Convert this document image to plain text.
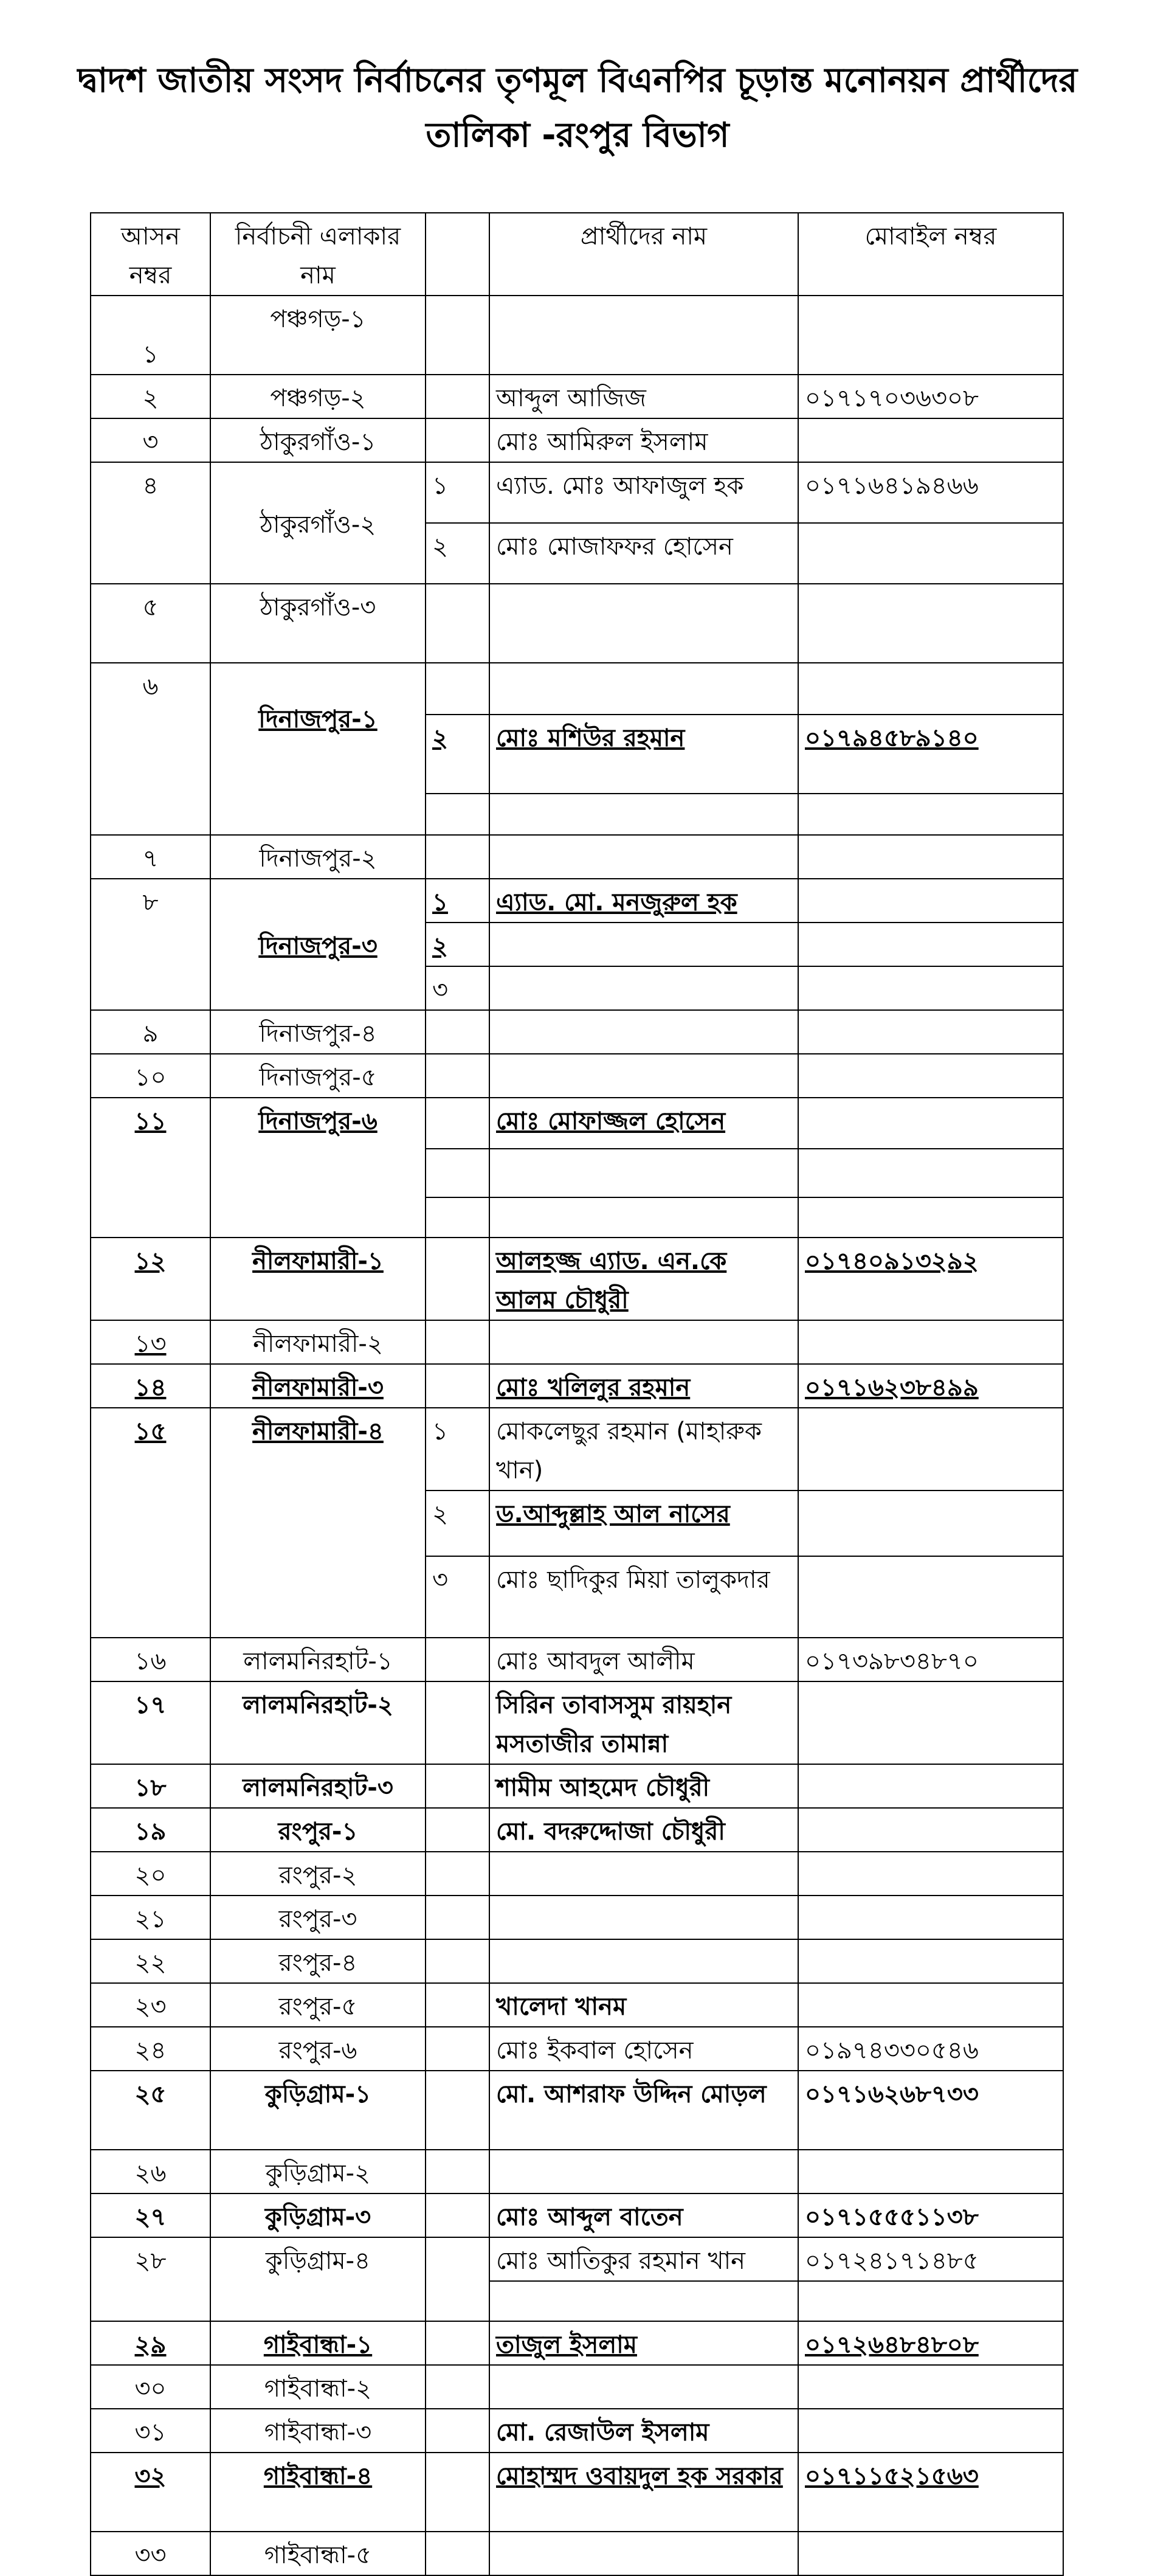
দ্বাদশ জাতীয় সংসদ নির্বাচনের তৃণমূল বিএনপির চূড়ান্ত মনোনয়ন প্রার্থীদের
তালিকা -রংপুর বিভাগ
আসন নম্বর	নির্বাচনী এলাকার নাম		প্রার্থীদের নাম	মোবাইল নম্বর
১	পঞ্চগড়-১			
২	পঞ্চগড়-২		আব্দুল আজিজ	০১৭১৭০৩৬৩০৮
৩	ঠাকুরগাঁও-১		মোঃ আমিরুল ইসলাম	
৪	ঠাকুরগাঁও-২	১	এ্যাড. মোঃ আফাজুল হক	০১৭১৬৪১৯৪৬৬
		২	মোঃ মোজাফফর হোসেন	
৫	ঠাকুরগাঁও-৩			
৬	দিনাজপুর-১			
		২	মোঃ মশিউর রহমান	০১৭৯৪৫৮৯১৪০

৭	দিনাজপুর-২			
৮	দিনাজপুর-৩	১	এ্যাড. মো. মনজুরুল হক	
		২		
		৩		
৯	দিনাজপুর-৪			
১০	দিনাজপুর-৫			
১১	দিনাজপুর-৬		মোঃ মোফাজ্জল হোসেন	

১২	নীলফামারী-১		আলহজ্জ এ্যাড. এন.কে আলম চৌধুরী	০১৭৪০৯১৩২৯২
১৩	নীলফামারী-২			
১৪	নীলফামারী-৩		মোঃ খলিলুর রহমান	০১৭১৬২৩৮৪৯৯
১৫	নীলফামারী-৪	১	মোকলেছুর রহমান (মাহারুক খান)	
		২	ড.আব্দুল্লাহ আল নাসের	
		৩	মোঃ ছাদিকুর মিয়া তালুকদার	
১৬	লালমনিরহাট-১		মোঃ আবদুল আলীম	০১৭৩৯৮৩৪৮৭০
১৭	লালমনিরহাট-২		সিরিন তাবাসসুম রায়হান মসতাজীর তামান্না	
১৮	লালমনিরহাট-৩		শামীম আহমেদ চৌধুরী	
১৯	রংপুর-১		মো. বদরুদ্দোজা চৌধুরী	
২০	রংপুর-২			
২১	রংপুর-৩			
২২	রংপুর-৪			
২৩	রংপুর-৫		খালেদা খানম	
২৪	রংপুর-৬		মোঃ ইকবাল হোসেন	০১৯৭৪৩৩০৫৪৬
২৫	কুড়িগ্রাম-১		মো. আশরাফ উদ্দিন মোড়ল	০১৭১৬২৬৮৭৩৩
২৬	কুড়িগ্রাম-২			
২৭	কুড়িগ্রাম-৩		মোঃ আব্দুল বাতেন	০১৭১৫৫৫১১৩৮
২৮	কুড়িগ্রাম-৪		মোঃ আতিকুর রহমান খান	০১৭২৪১৭১৪৮৫

২৯	গাইবান্ধা-১		তাজুল ইসলাম	০১৭২৬৪৮৪৮০৮
৩০	গাইবান্ধা-২			
৩১	গাইবান্ধা-৩		মো. রেজাউল ইসলাম	
৩২	গাইবান্ধা-৪		মোহাম্মদ ওবায়দুল হক সরকার	০১৭১১৫২১৫৬৩
৩৩	গাইবান্ধা-৫			
